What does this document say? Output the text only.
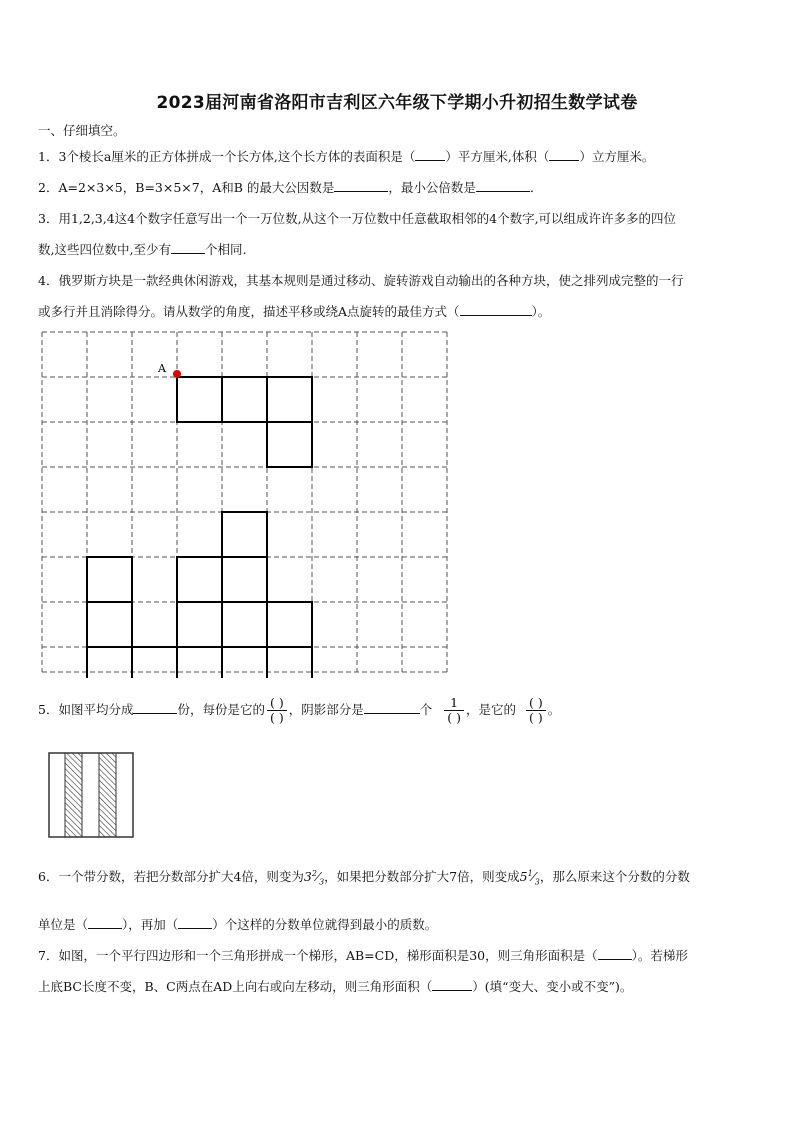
2023届河南省洛阳市吉利区六年级下学期小升初招生数学试卷
一、仔细填空。
1．3个棱长a厘米的正方体拼成一个长方体,这个长方体的表面积是（ ）平方厘米,体积（ ）立方厘米。
2．A=2×3×5，B=3×5×7，A和B 的最大公因数是	，最小公倍数是	．
3．用1,2,3,4这4个数字任意写出一个一万位数,从这个一万位数中任意截取相邻的4个数字,可以组成许许多多的四位
数,这些四位数中,至少有	个相同.
4．俄罗斯方块是一款经典休闲游戏，其基本规则是通过移动、旋转游戏自动输出的各种方块，使之排列成完整的一行
或多行并且消除得分。请从数学的角度，描述平移或绕A点旋转的最佳方式（	）。
A
5．如图平均分成	份，每份是它的 $\frac{( )}{( )}$ ，阴影部分是	个 $\frac{1}{( )}$ ，是它的 $\frac{( )}{( )}$ 。
6．一个带分数，若把分数部分扩大4倍，则变为$3^2⁄_3$，如果把分数部分扩大7倍，则变成$5^1⁄_3$，那么原来这个分数的分数
单位是（	），再加（	）个这样的分数单位就得到最小的质数。
7．如图，一个平行四边形和一个三角形拼成一个梯形，AB=CD，梯形面积是30，则三角形面积是（	）。若梯形
上底BC长度不变，B、C两点在AD上向右或向左移动，则三角形面积（	）(填“变大、变小或不变”)。
